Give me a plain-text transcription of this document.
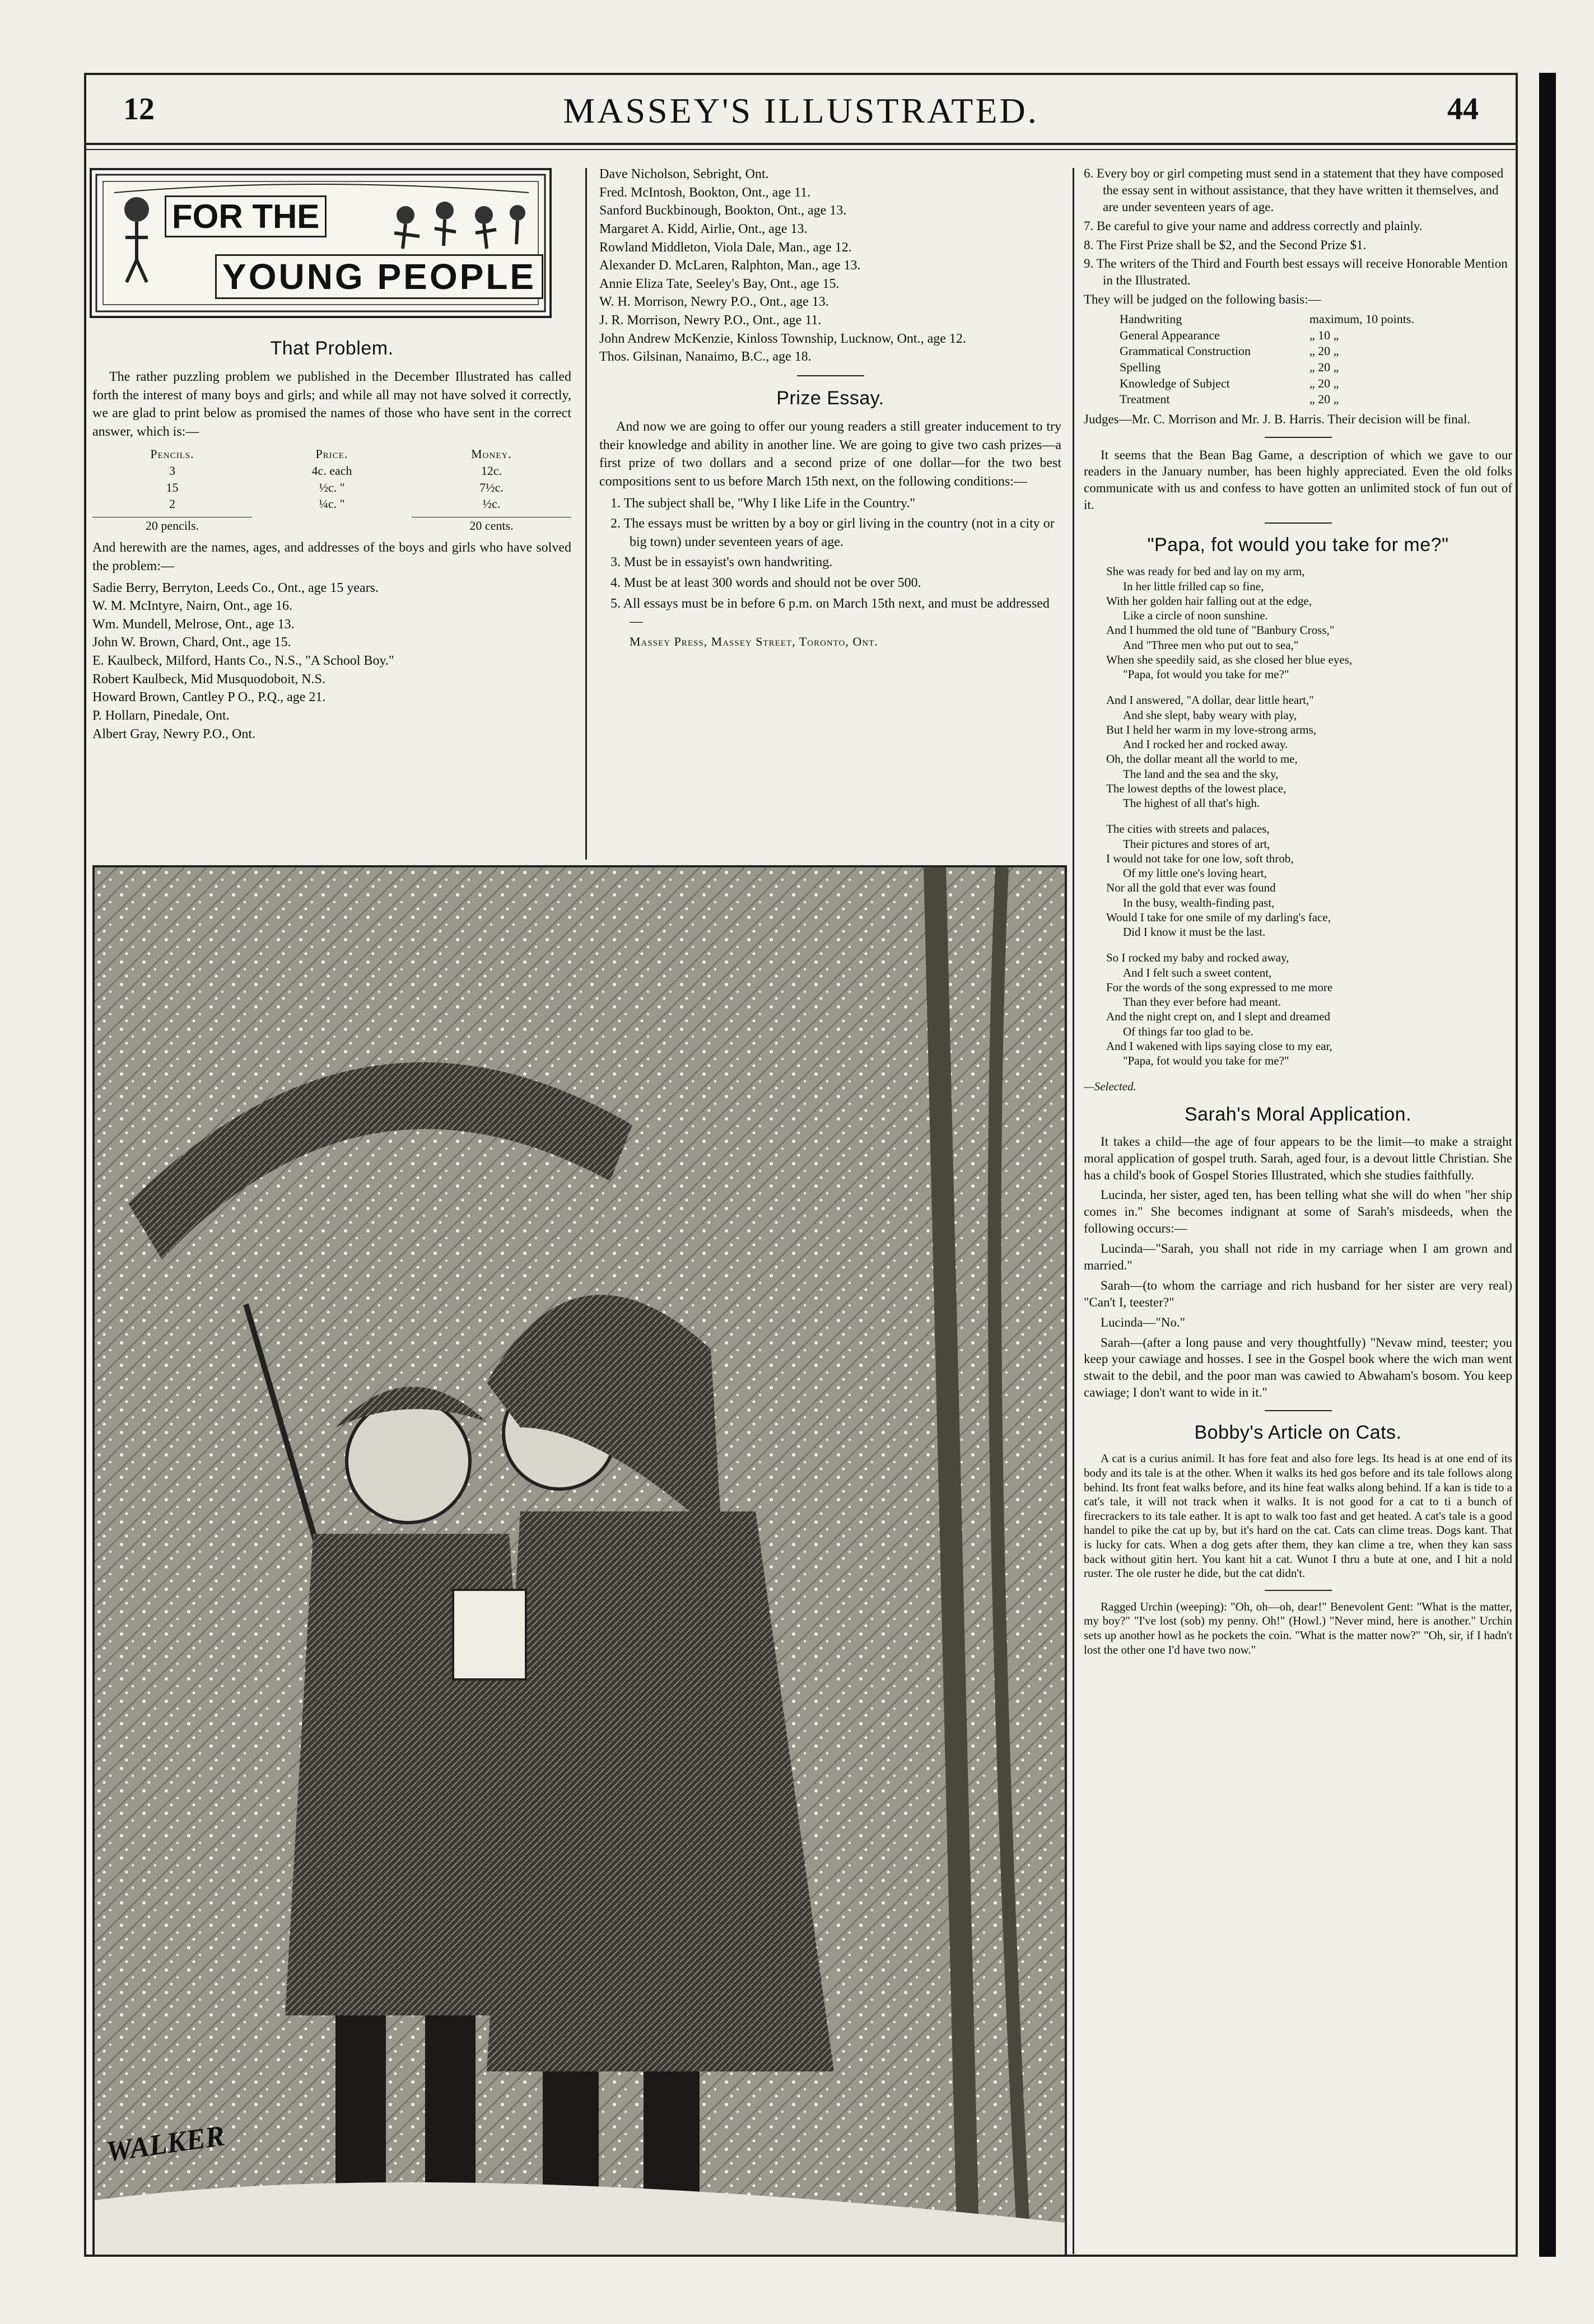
12	MASSEY'S ILLUSTRATED.	44
FOR THE
YOUNG PEOPLE
That Problem.

The rather puzzling problem we published in the December Illustrated has called forth the interest of many boys and girls; and while all may not have solved it correctly, we are glad to print below as promised the names of those who have sent in the correct answer, which is:—

Pencils.	Price.	Money.
3	4c. each	12c.
15	½c. "	7½c.
2	¼c. "	½c.

20 pencils.		20 cents.

And herewith are the names, ages, and addresses of the boys and girls who have solved the problem:—

Sadie Berry, Berryton, Leeds Co., Ont., age 15 years.
W. M. McIntyre, Nairn, Ont., age 16.
Wm. Mundell, Melrose, Ont., age 13.
John W. Brown, Chard, Ont., age 15.
E. Kaulbeck, Milford, Hants Co., N.S., "A School Boy."
Robert Kaulbeck, Mid Musquodoboit, N.S.
Howard Brown, Cantley P O., P.Q., age 21.
P. Hollarn, Pinedale, Ont.
Albert Gray, Newry P.O., Ont.
Dave Nicholson, Sebright, Ont.
Fred. McIntosh, Bookton, Ont., age 11.
Sanford Buckbinough, Bookton, Ont., age 13.
Margaret A. Kidd, Airlie, Ont., age 13.
Rowland Middleton, Viola Dale, Man., age 12.
Alexander D. McLaren, Ralphton, Man., age 13.
Annie Eliza Tate, Seeley's Bay, Ont., age 15.
W. H. Morrison, Newry P.O., Ont., age 13.
J. R. Morrison, Newry P.O., Ont., age 11.
John Andrew McKenzie, Kinloss Township, Lucknow, Ont., age 12.
Thos. Gilsinan, Nanaimo, B.C., age 18.
Prize Essay.

And now we are going to offer our young readers a still greater inducement to try their knowledge and ability in another line. We are going to give two cash prizes—a first prize of two dollars and a second prize of one dollar—for the two best compositions sent to us before March 15th next, on the following conditions:—

1. The subject shall be, "Why I like Life in the Country."
2. The essays must be written by a boy or girl living in the country (not in a city or big town) under seventeen years of age.
3. Must be in essayist's own handwriting.
4. Must be at least 300 words and should not be over 500.
5. All essays must be in before 6 p.m. on March 15th next, and must be addressed—
Massey Press, Massey Street, Toronto, Ont.
WALKER
6. Every boy or girl competing must send in a statement that they have composed the essay sent in without assistance, that they have written it themselves, and are under seventeen years of age.
7. Be careful to give your name and address correctly and plainly.
8. The First Prize shall be $2, and the Second Prize $1.
9. The writers of the Third and Fourth best essays will receive Honorable Mention in the Illustrated.

They will be judged on the following basis:—

Handwriting	maximum, 10 points.
General Appearance	„ 10 „
Grammatical Construction	„ 20 „
Spelling	„ 20 „
Knowledge of Subject	„ 20 „
Treatment	„ 20 „

Judges—Mr. C. Morrison and Mr. J. B. Harris. Their decision will be final.

It seems that the Bean Bag Game, a description of which we gave to our readers in the January number, has been highly appreciated. Even the old folks communicate with us and confess to have gotten an unlimited stock of fun out of it.

"Papa, fot would you take for me?"

She was ready for bed and lay on my arm,

In her little frilled cap so fine,

With her golden hair falling out at the edge,

Like a circle of noon sunshine.

And I hummed the old tune of "Banbury Cross,"

And "Three men who put out to sea,"

When she speedily said, as she closed her blue eyes,

"Papa, fot would you take for me?"

And I answered, "A dollar, dear little heart,"

And she slept, baby weary with play,

But I held her warm in my love-strong arms,

And I rocked her and rocked away.

Oh, the dollar meant all the world to me,

The land and the sea and the sky,

The lowest depths of the lowest place,

The highest of all that's high.

The cities with streets and palaces,

Their pictures and stores of art,

I would not take for one low, soft throb,

Of my little one's loving heart,

Nor all the gold that ever was found

In the busy, wealth-finding past,

Would I take for one smile of my darling's face,

Did I know it must be the last.

So I rocked my baby and rocked away,

And I felt such a sweet content,

For the words of the song expressed to me more

Than they ever before had meant.

And the night crept on, and I slept and dreamed

Of things far too glad to be.

And I wakened with lips saying close to my ear,

"Papa, fot would you take for me?"

—Selected.

Sarah's Moral Application.

It takes a child—the age of four appears to be the limit—to make a straight moral application of gospel truth. Sarah, aged four, is a devout little Christian. She has a child's book of Gospel Stories Illustrated, which she studies faithfully.

Lucinda, her sister, aged ten, has been telling what she will do when "her ship comes in." She becomes indignant at some of Sarah's misdeeds, when the following occurs:—

Lucinda—"Sarah, you shall not ride in my carriage when I am grown and married."

Sarah—(to whom the carriage and rich husband for her sister are very real) "Can't I, teester?"

Lucinda—"No."

Sarah—(after a long pause and very thoughtfully) "Nevaw mind, teester; you keep your cawiage and hosses. I see in the Gospel book where the wich man went stwait to the debil, and the poor man was cawied to Abwaham's bosom. You keep cawiage; I don't want to wide in it."

Bobby's Article on Cats.

A cat is a curius animil. It has fore feat and also fore legs. Its head is at one end of its body and its tale is at the other. When it walks its hed gos before and its tale follows along behind. Its front feat walks before, and its hine feat walks along behind. If a kan is tide to a cat's tale, it will not track when it walks. It is not good for a cat to ti a bunch of firecrackers to its tale eather. It is apt to walk too fast and get heated. A cat's tale is a good handel to pike the cat up by, but it's hard on the cat. Cats can clime treas. Dogs kant. That is lucky for cats. When a dog gets after them, they kan clime a tre, when they kan sass back without gitin hert. You kant hit a cat. Wunot I thru a bute at one, and I hit a nold ruster. The ole ruster he dide, but the cat didn't.

Ragged Urchin (weeping): "Oh, oh—oh, dear!" Benevolent Gent: "What is the matter, my boy?" "I've lost (sob) my penny. Oh!" (Howl.) "Never mind, here is another." Urchin sets up another howl as he pockets the coin. "What is the matter now?" "Oh, sir, if I hadn't lost the other one I'd have two now."
